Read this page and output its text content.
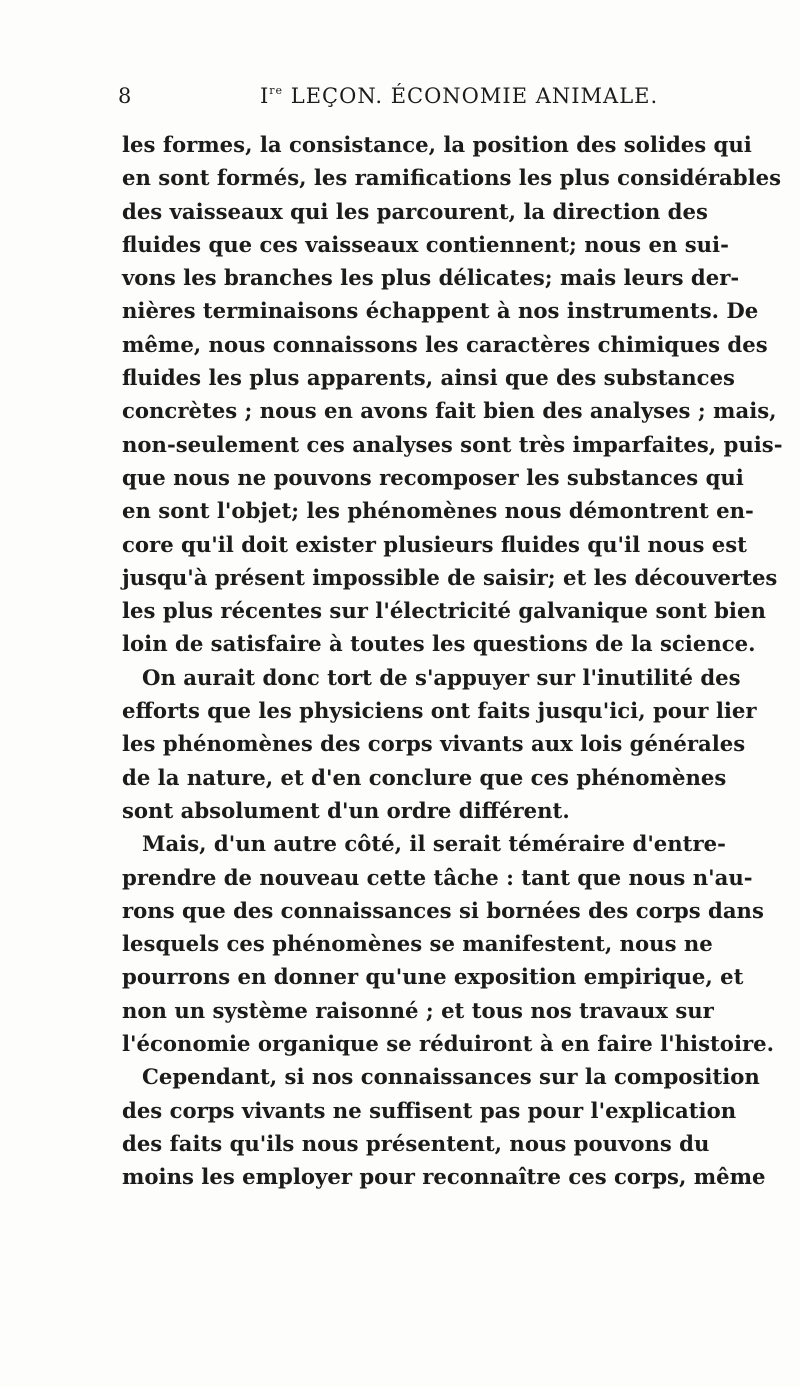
8	Ire LEÇON. ÉCONOMIE ANIMALE.
les formes, la consistance, la position des solides qui
en sont formés, les ramifications les plus considérables
des vaisseaux qui les parcourent, la direction des
fluides que ces vaisseaux contiennent; nous en sui-
vons les branches les plus délicates; mais leurs der-
nières terminaisons échappent à nos instruments. De
même, nous connaissons les caractères chimiques des
fluides les plus apparents, ainsi que des substances
concrètes ; nous en avons fait bien des analyses ; mais,
non-seulement ces analyses sont très imparfaites, puis-
que nous ne pouvons recomposer les substances qui
en sont l'objet; les phénomènes nous démontrent en-
core qu'il doit exister plusieurs fluides qu'il nous est
jusqu'à présent impossible de saisir; et les découvertes
les plus récentes sur l'électricité galvanique sont bien
loin de satisfaire à toutes les questions de la science.
On aurait donc tort de s'appuyer sur l'inutilité des
efforts que les physiciens ont faits jusqu'ici, pour lier
les phénomènes des corps vivants aux lois générales
de la nature, et d'en conclure que ces phénomènes
sont absolument d'un ordre différent.
Mais, d'un autre côté, il serait téméraire d'entre-
prendre de nouveau cette tâche : tant que nous n'au-
rons que des connaissances si bornées des corps dans
lesquels ces phénomènes se manifestent, nous ne
pourrons en donner qu'une exposition empirique, et
non un système raisonné ; et tous nos travaux sur
l'économie organique se réduiront à en faire l'histoire.
Cependant, si nos connaissances sur la composition
des corps vivants ne suffisent pas pour l'explication
des faits qu'ils nous présentent, nous pouvons du
moins les employer pour reconnaître ces corps, même
